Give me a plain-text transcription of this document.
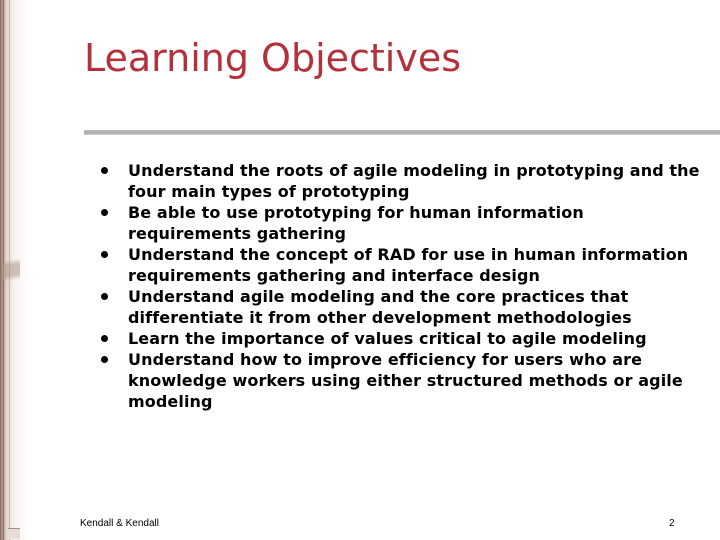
Learning Objectives
Understand the roots of agile modeling in prototyping and the four main types of prototyping
Be able to use prototyping for human information requirements gathering
Understand the concept of RAD for use in human information requirements gathering and interface design
Understand agile modeling and the core practices that differentiate it from other development methodologies
Learn the importance of values critical to agile modeling
Understand how to improve efficiency for users who are knowledge workers using either structured methods or agile modeling
Kendall & Kendall	2
